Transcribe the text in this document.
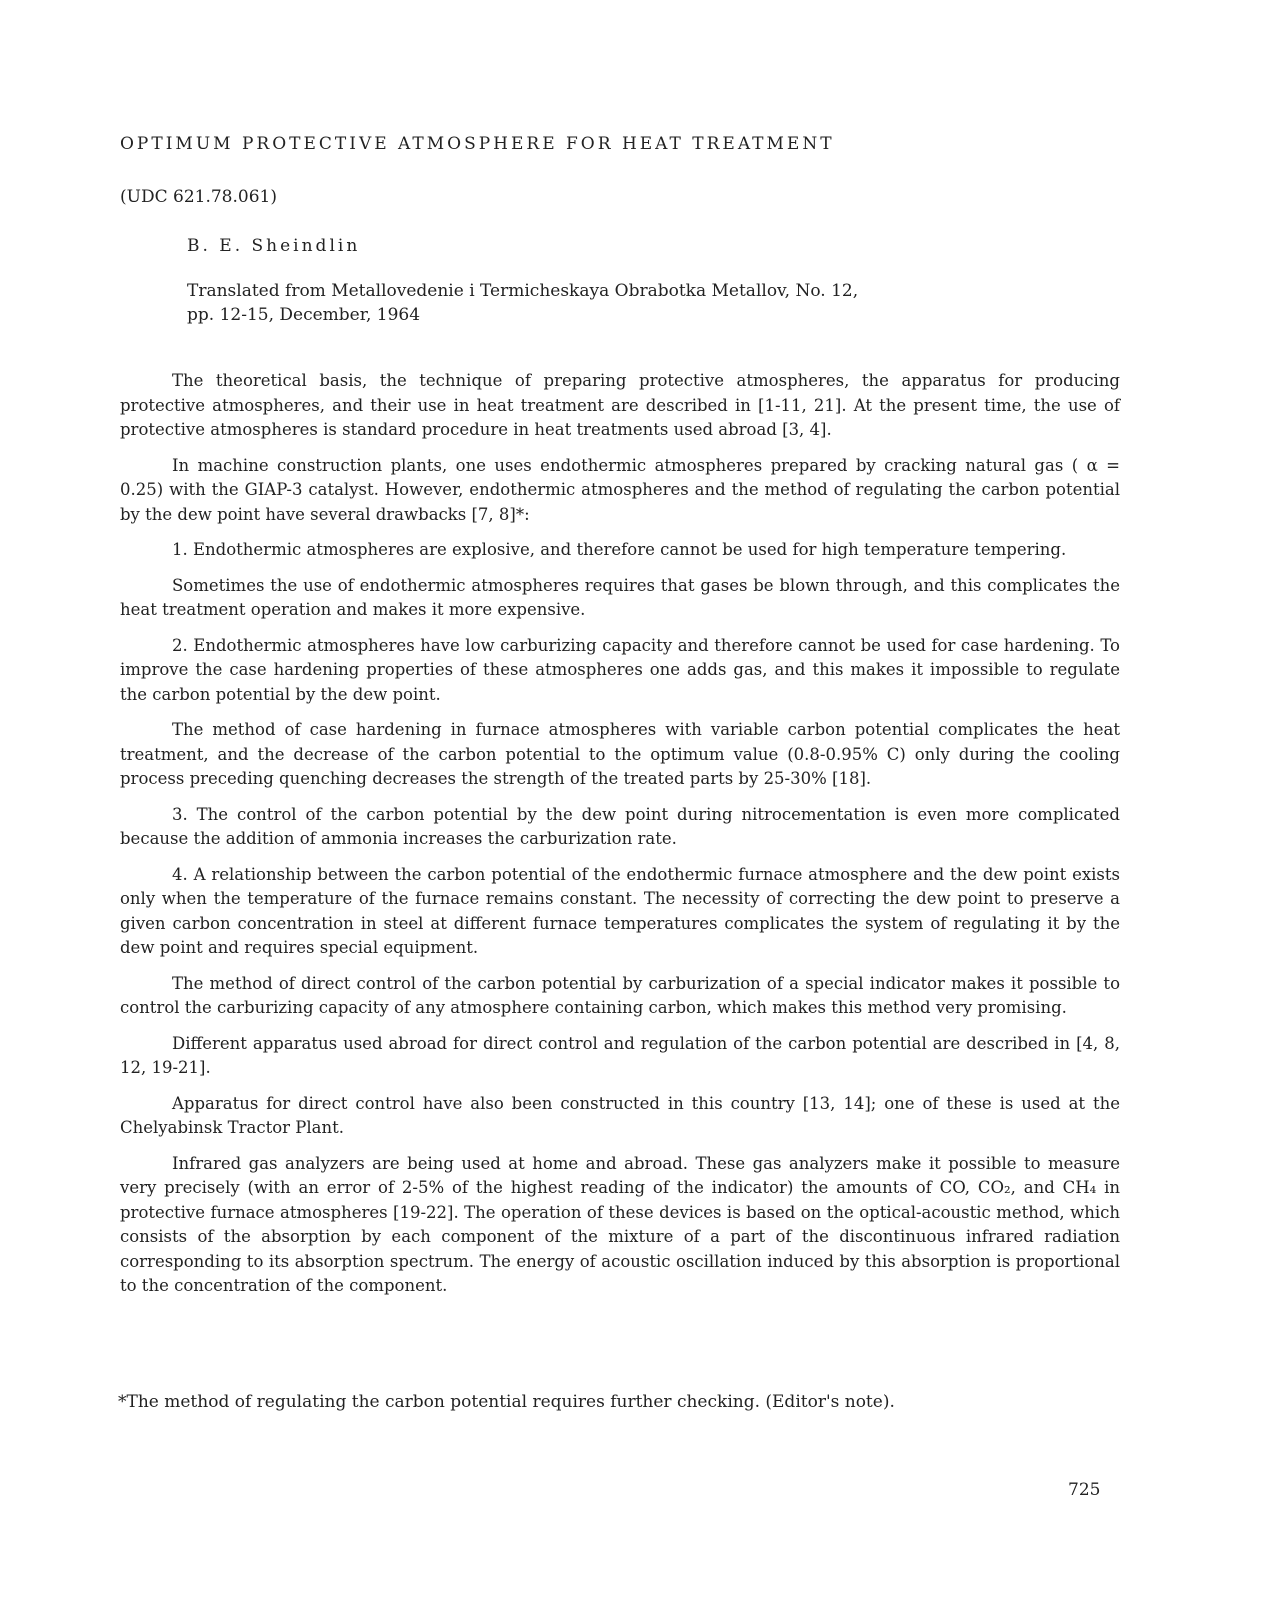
OPTIMUM PROTECTIVE ATMOSPHERE FOR HEAT TREATMENT
(UDC 621.78.061)
B. E. Sheindlin
Translated from Metallovedenie i Termicheskaya Obrabotka Metallov, No. 12,
pp. 12-15, December, 1964

The theoretical basis, the technique of preparing protective atmospheres, the apparatus for producing protective atmospheres, and their use in heat treatment are described in [1-11, 21]. At the present time, the use of protective atmospheres is standard procedure in heat treatments used abroad [3, 4].

In machine construction plants, one uses endothermic atmospheres prepared by cracking natural gas ( α = 0.25) with the GIAP-3 catalyst. However, endothermic atmospheres and the method of regulating the carbon potential by the dew point have several drawbacks [7, 8]*:

1. Endothermic atmospheres are explosive, and therefore cannot be used for high temperature tempering.

Sometimes the use of endothermic atmospheres requires that gases be blown through, and this complicates the heat treatment operation and makes it more expensive.

2. Endothermic atmospheres have low carburizing capacity and therefore cannot be used for case hardening. To improve the case hardening properties of these atmospheres one adds gas, and this makes it impossible to regulate the carbon potential by the dew point.

The method of case hardening in furnace atmospheres with variable carbon potential complicates the heat treatment, and the decrease of the carbon potential to the optimum value (0.8-0.95% C) only during the cooling process preceding quenching decreases the strength of the treated parts by 25-30% [18].

3. The control of the carbon potential by the dew point during nitrocementation is even more complicated because the addition of ammonia increases the carburization rate.

4. A relationship between the carbon potential of the endothermic furnace atmosphere and the dew point exists only when the temperature of the furnace remains constant. The necessity of correcting the dew point to preserve a given carbon concentration in steel at different furnace temperatures complicates the system of regulating it by the dew point and requires special equipment.

The method of direct control of the carbon potential by carburization of a special indicator makes it possible to control the carburizing capacity of any atmosphere containing carbon, which makes this method very promising.

Different apparatus used abroad for direct control and regulation of the carbon potential are described in [4, 8, 12, 19-21].

Apparatus for direct control have also been constructed in this country [13, 14]; one of these is used at the Chelyabinsk Tractor Plant.

Infrared gas analyzers are being used at home and abroad. These gas analyzers make it possible to measure very precisely (with an error of 2-5% of the highest reading of the indicator) the amounts of CO, CO₂, and CH₄ in protective furnace atmospheres [19-22]. The operation of these devices is based on the optical-acoustic method, which consists of the absorption by each component of the mixture of a part of the discontinuous infrared radiation corresponding to its absorption spectrum. The energy of acoustic oscillation induced by this absorption is proportional to the concentration of the component.

*The method of regulating the carbon potential requires further checking. (Editor's note).
725
